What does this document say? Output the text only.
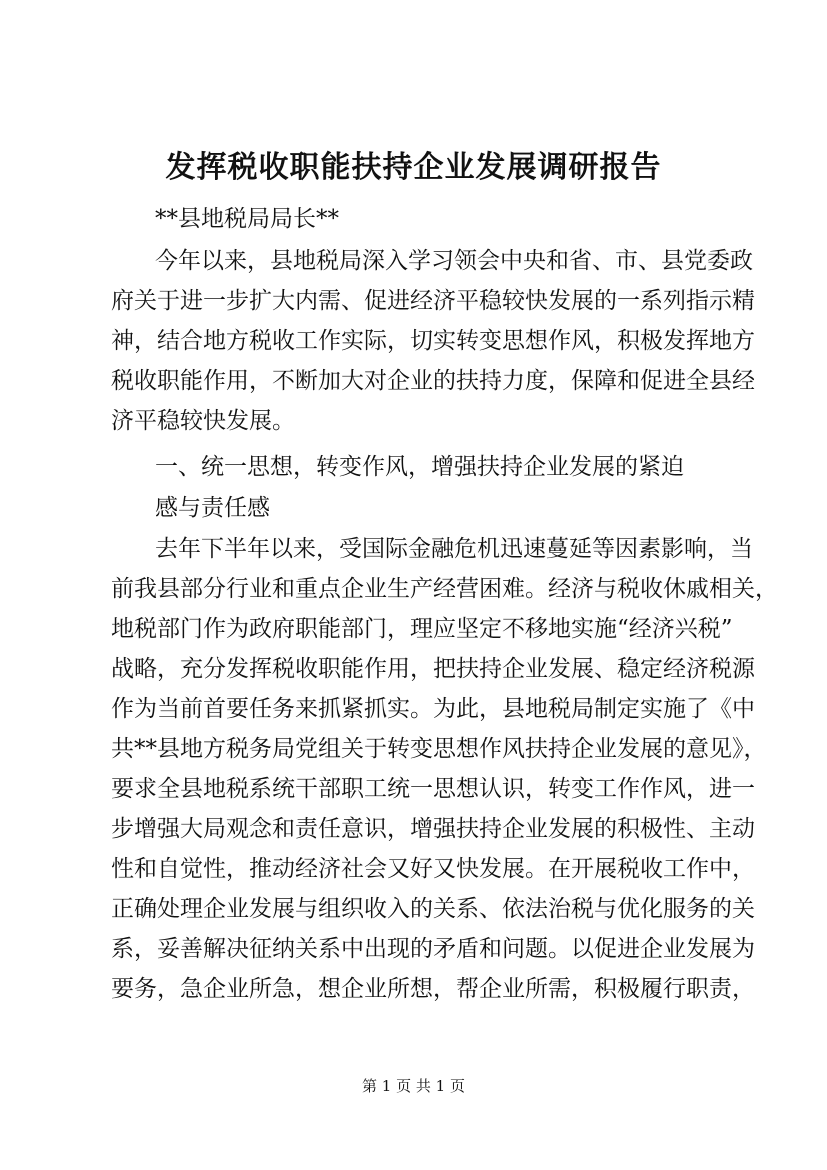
发挥税收职能扶持企业发展调研报告
**县地税局局长**
今年以来，县地税局深入学习领会中央和省、市、县党委政
府关于进一步扩大内需、促进经济平稳较快发展的一系列指示精
神，结合地方税收工作实际，切实转变思想作风，积极发挥地方
税收职能作用，不断加大对企业的扶持力度，保障和促进全县经
济平稳较快发展。
一、统一思想，转变作风，增强扶持企业发展的紧迫
感与责任感
去年下半年以来，受国际金融危机迅速蔓延等因素影响，当
前我县部分行业和重点企业生产经营困难。经济与税收休戚相关，
地税部门作为政府职能部门，理应坚定不移地实施“经济兴税”
战略，充分发挥税收职能作用，把扶持企业发展、稳定经济税源
作为当前首要任务来抓紧抓实。为此，县地税局制定实施了《中
共**县地方税务局党组关于转变思想作风扶持企业发展的意见》，
要求全县地税系统干部职工统一思想认识，转变工作作风，进一
步增强大局观念和责任意识，增强扶持企业发展的积极性、主动
性和自觉性，推动经济社会又好又快发展。在开展税收工作中，
正确处理企业发展与组织收入的关系、依法治税与优化服务的关
系，妥善解决征纳关系中出现的矛盾和问题。以促进企业发展为
要务，急企业所急，想企业所想，帮企业所需，积极履行职责，
第 1 页 共 1 页
